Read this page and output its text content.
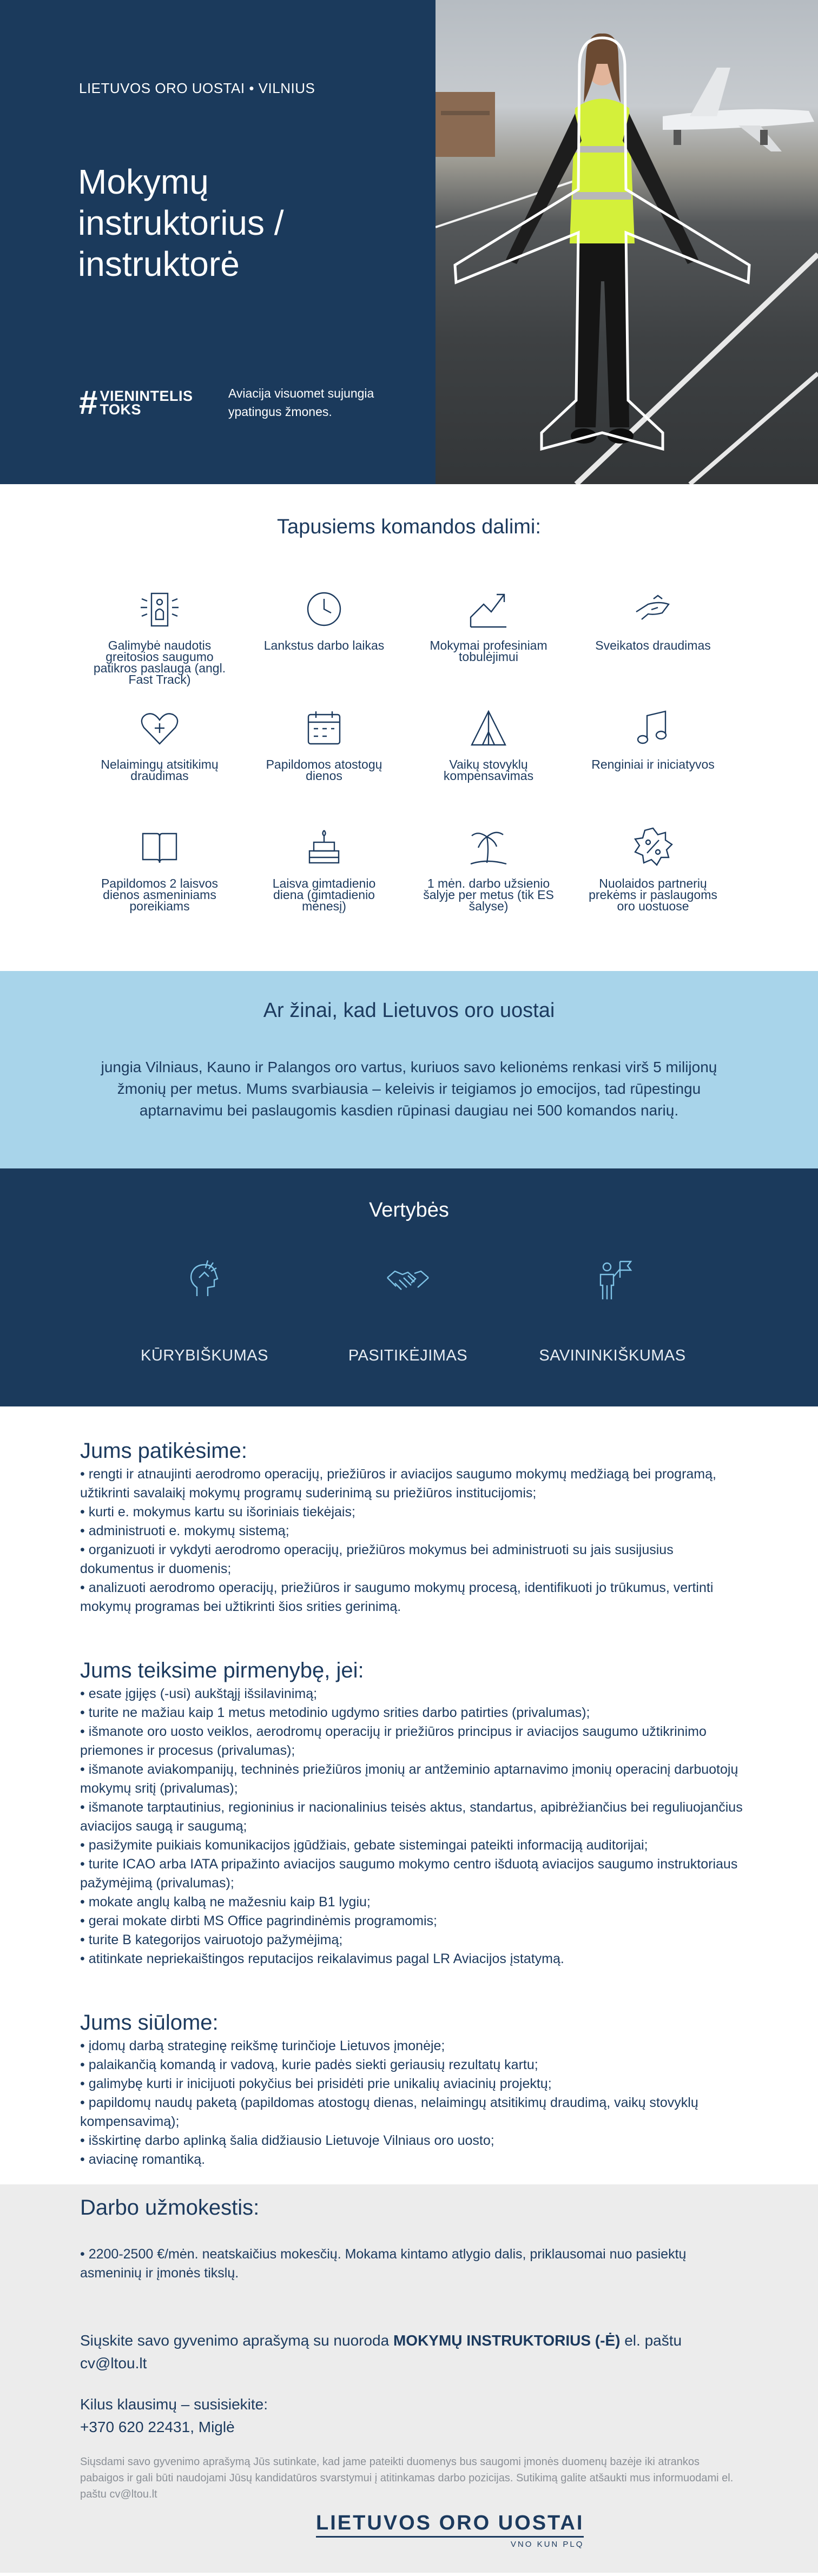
LIETUVOS ORO UOSTAI • VILNIUS
Mokymų instruktorius / instruktorė
# VIENINTELIS
TOKS
Aviacija visuomet sujungia ypatingus žmones.
Tapusiems komandos dalimi:
Galimybė naudotis greitosios saugumo patikros paslauga (angl. Fast Track)
Lankstus darbo laikas	Mokymai profesiniam tobulėjimui
Sveikatos draudimas
Nelaimingų atsitikimų draudimas
Papildomos atostogų dienos
Vaikų stovyklų kompensavimas
Renginiai ir iniciatyvos
Papildomos 2 laisvos dienos asmeniniams poreikiams
Laisva gimtadienio diena (gimtadienio mėnesį)
1 mėn. darbo užsienio šalyje per metus (tik ES šalyse)
Nuolaidos partnerių prekėms ir paslaugoms oro uostuose
Ar žinai, kad Lietuvos oro uostai

jungia Vilniaus, Kauno ir Palangos oro vartus, kuriuos savo kelionėms renkasi virš 5 milijonų žmonių per metus. Mums svarbiausia – keleivis ir teigiamos jo emocijos, tad rūpestingu aptarnavimu bei paslaugomis kasdien rūpinasi daugiau nei 500 komandos narių.

Vertybės
KŪRYBIŠKUMAS	PASITIKĖJIMAS	SAVININKIŠKUMAS
Jums patikėsime:
• rengti ir atnaujinti aerodromo operacijų, priežiūros ir aviacijos saugumo mokymų medžiagą bei programą, užtikrinti savalaikį mokymų programų suderinimą su priežiūros institucijomis;
• kurti e. mokymus kartu su išoriniais tiekėjais;
• administruoti e. mokymų sistemą;
• organizuoti ir vykdyti aerodromo operacijų, priežiūros mokymus bei administruoti su jais susijusius dokumentus ir duomenis;
• analizuoti aerodromo operacijų, priežiūros ir saugumo mokymų procesą, identifikuoti jo trūkumus, vertinti mokymų programas bei užtikrinti šios srities gerinimą.
Jums teiksime pirmenybę, jei:
• esate įgijęs (-usi) aukštąjį išsilavinimą;
• turite ne mažiau kaip 1 metus metodinio ugdymo srities darbo patirties (privalumas);
• išmanote oro uosto veiklos, aerodromų operacijų ir priežiūros principus ir aviacijos saugumo užtikrinimo priemones ir procesus (privalumas);
• išmanote aviakompanijų, techninės priežiūros įmonių ar antžeminio aptarnavimo įmonių operacinį darbuotojų mokymų sritį (privalumas);
• išmanote tarptautinius, regioninius ir nacionalinius teisės aktus, standartus, apibrėžiančius bei reguliuojančius aviacijos saugą ir saugumą;
• pasižymite puikiais komunikacijos įgūdžiais, gebate sistemingai pateikti informaciją auditorijai;
• turite ICAO arba IATA pripažinto aviacijos saugumo mokymo centro išduotą aviacijos saugumo instruktoriaus pažymėjimą (privalumas);
• mokate anglų kalbą ne mažesniu kaip B1 lygiu;
• gerai mokate dirbti MS Office pagrindinėmis programomis;
• turite B kategorijos vairuotojo pažymėjimą;
• atitinkate nepriekaištingos reputacijos reikalavimus pagal LR Aviacijos įstatymą.
Jums siūlome:
• įdomų darbą strateginę reikšmę turinčioje Lietuvos įmonėje;
• palaikančią komandą ir vadovą, kurie padės siekti geriausių rezultatų kartu;
• galimybę kurti ir inicijuoti pokyčius bei prisidėti prie unikalių aviacinių projektų;
• papildomų naudų paketą (papildomas atostogų dienas, nelaimingų atsitikimų draudimą, vaikų stovyklų kompensavimą);
• išskirtinę darbo aplinką šalia didžiausio Lietuvoje Vilniaus oro uosto;
• aviacinę romantiką.
Darbo užmokestis:
• 2200-2500 €/mėn. neatskaičius mokesčių. Mokama kintamo atlygio dalis, priklausomai nuo pasiektų asmeninių ir įmonės tikslų.
Siųskite savo gyvenimo aprašymą su nuoroda MOKYMŲ INSTRUKTORIUS (-Ė) el. paštu cv@ltou.lt
Kilus klausimų – susisiekite:
+370 620 22431, Miglė
Siųsdami savo gyvenimo aprašymą Jūs sutinkate, kad jame pateikti duomenys bus saugomi įmonės duomenų bazėje iki atrankos pabaigos ir gali būti naudojami Jūsų kandidatūros svarstymui į atitinkamas darbo pozicijas. Sutikimą galite atšaukti mus informuodami el. paštu cv@ltou.lt
LIETUVOS ORO UOSTAI
VNO KUN PLQ
